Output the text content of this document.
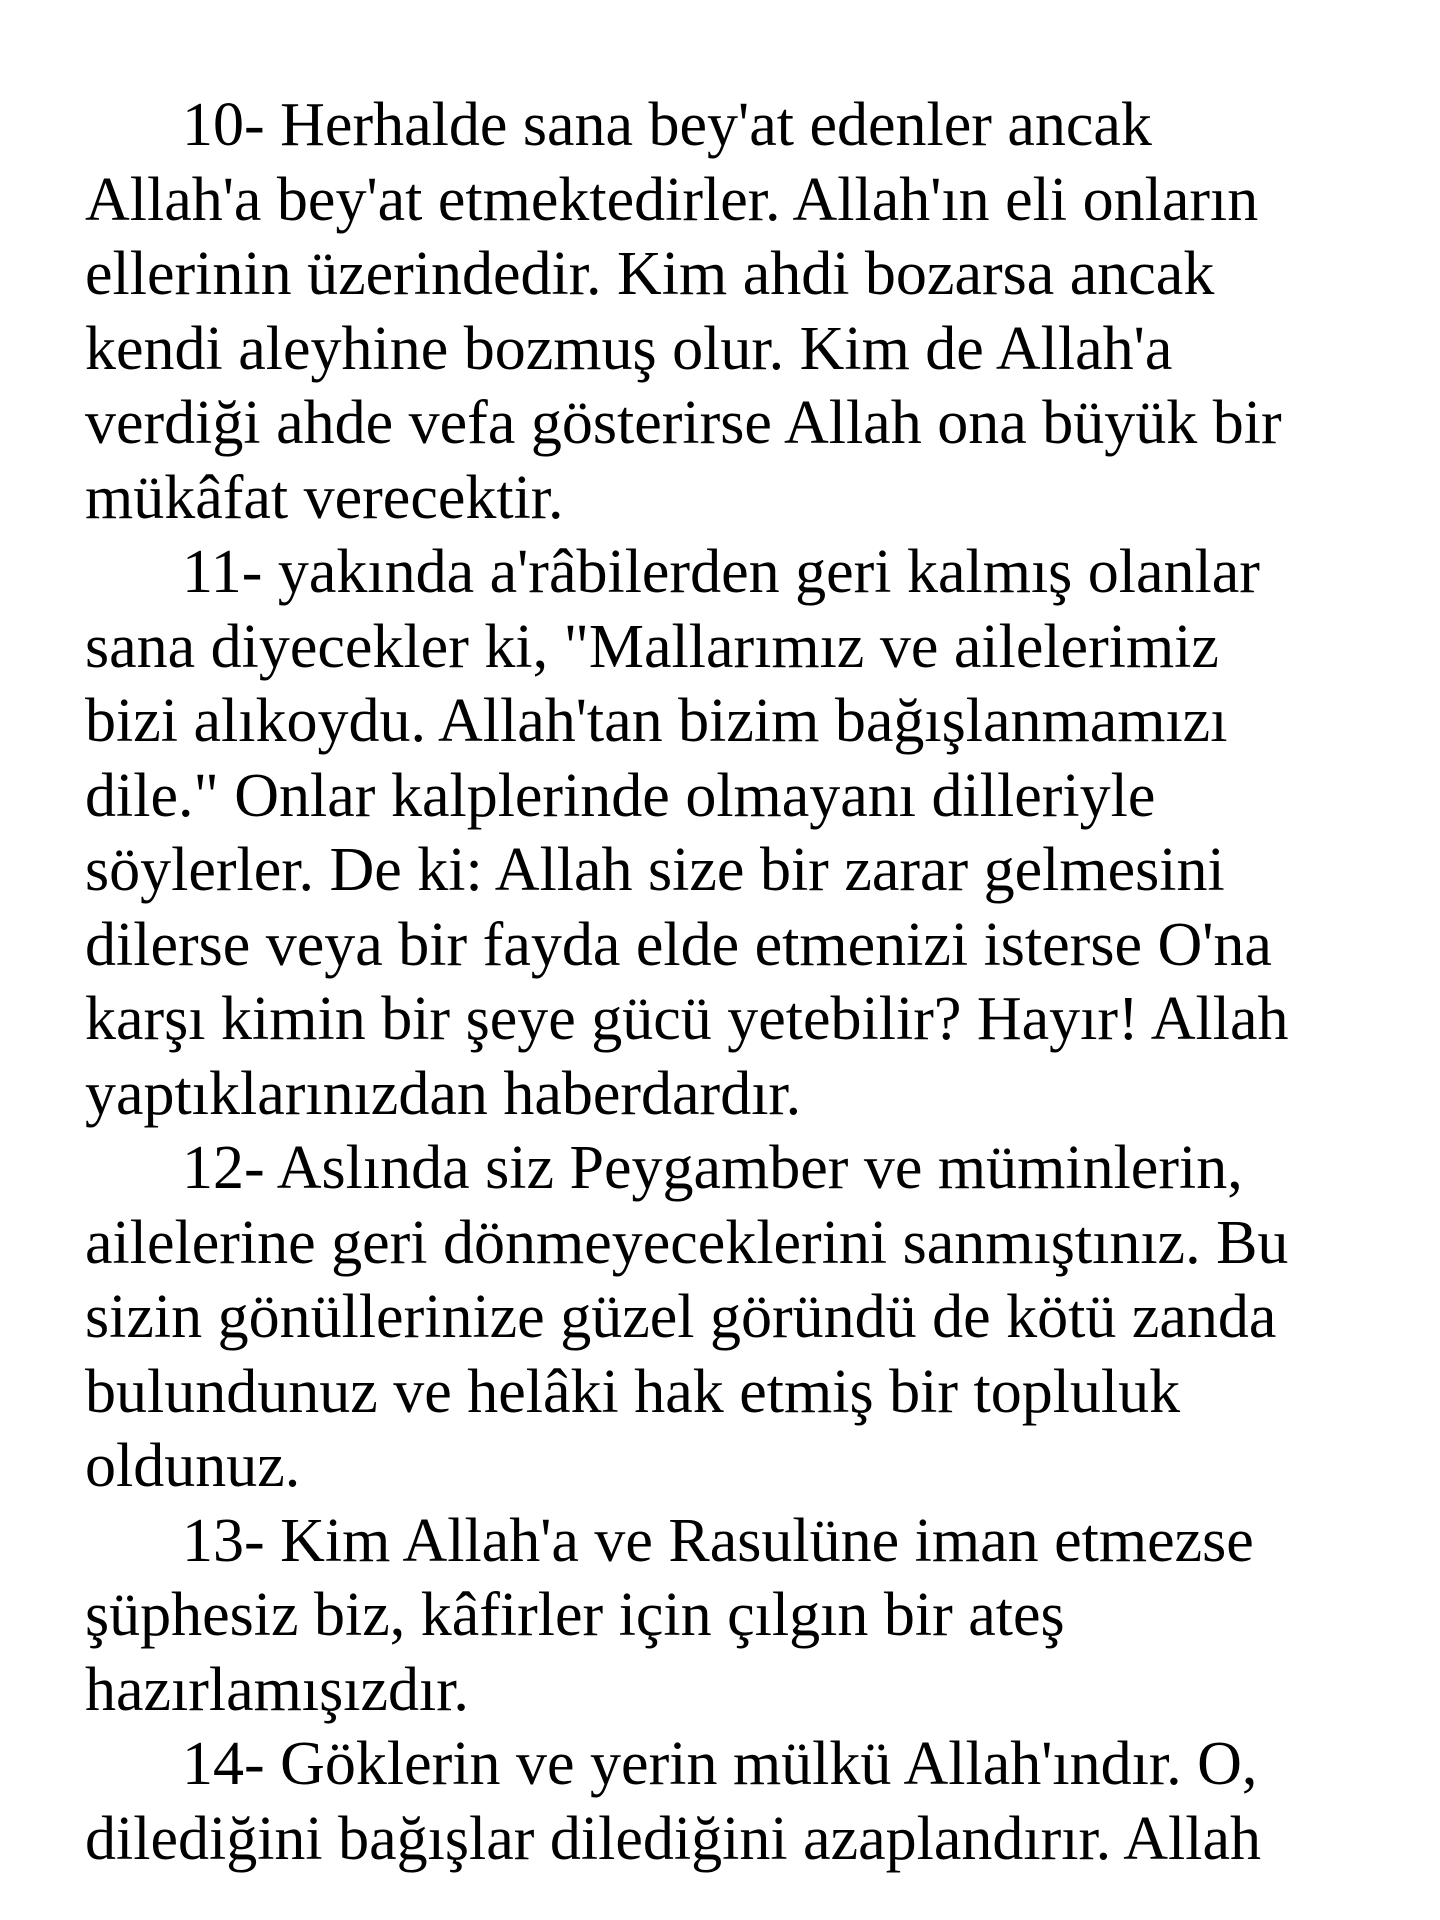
10- Herhalde sana bey'at edenler ancak
Allah'a bey'at etmektedirler. Allah'ın eli onların
ellerinin üzerindedir. Kim ahdi bozarsa ancak
kendi aleyhine bozmuş olur. Kim de Allah'a
verdiği ahde vefa gösterirse Allah ona büyük bir
mükâfat verecektir.
11- yakında a'râbilerden geri kalmış olanlar
sana diyecekler ki, "Mallarımız ve ailelerimiz
bizi alıkoydu. Allah'tan bizim bağışlanmamızı
dile." Onlar kalplerinde olmayanı dilleriyle
söylerler. De ki: Allah size bir zarar gelmesini
dilerse veya bir fayda elde etmenizi isterse O'na
karşı kimin bir şeye gücü yetebilir? Hayır! Allah
yaptıklarınızdan haberdardır.
12- Aslında siz Peygamber ve müminlerin,
ailelerine geri dönmeyeceklerini sanmıştınız. Bu
sizin gönüllerinize güzel göründü de kötü zanda
bulundunuz ve helâki hak etmiş bir topluluk
oldunuz.
13- Kim Allah'a ve Rasulüne iman etmezse
şüphesiz biz, kâfirler için çılgın bir ateş
hazırlamışızdır.
14- Göklerin ve yerin mülkü Allah'ındır. O,
dilediğini bağışlar dilediğini azaplandırır. Allah
